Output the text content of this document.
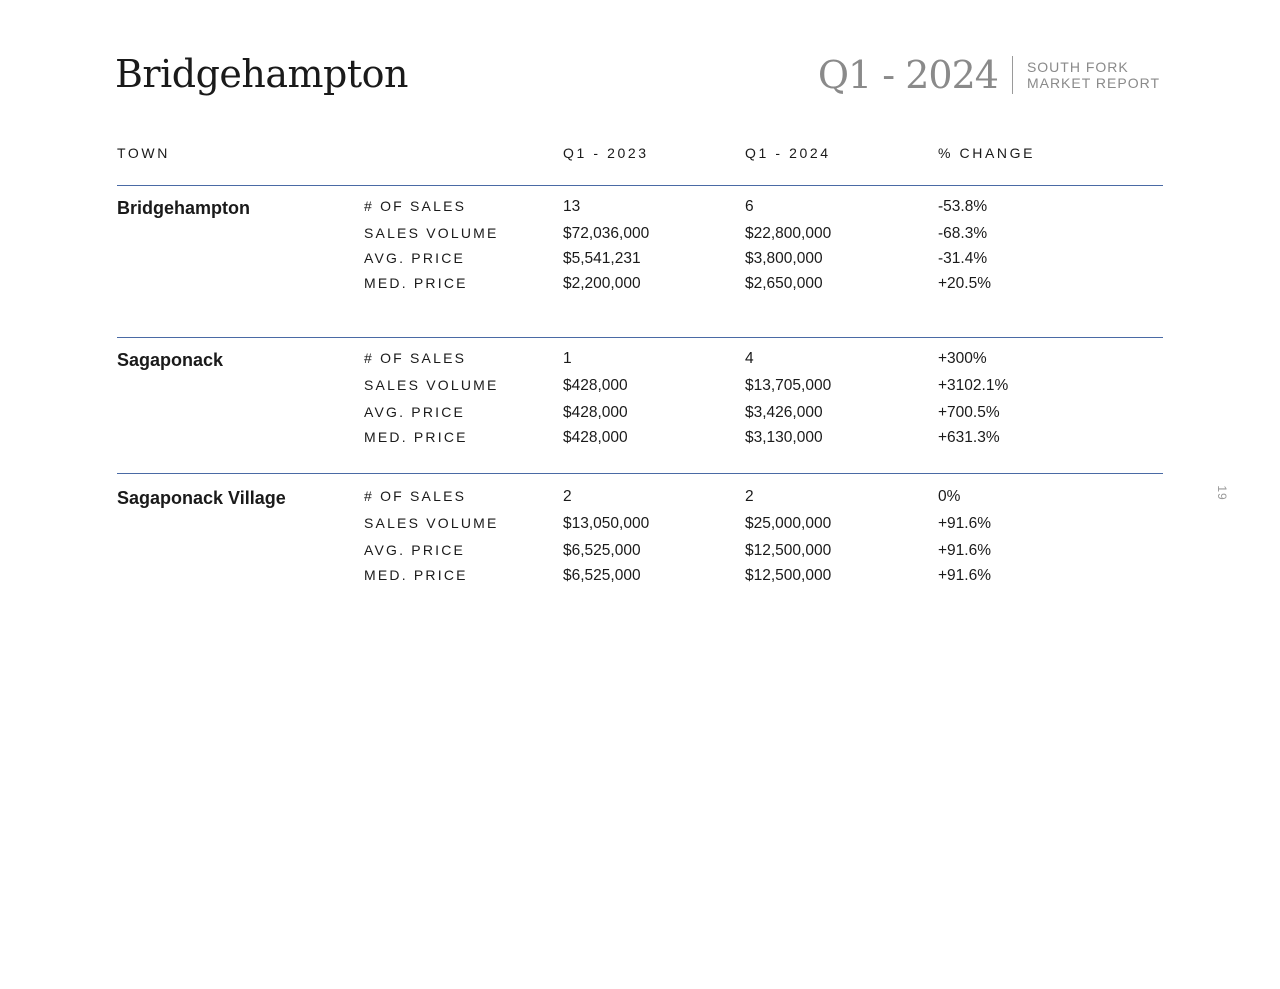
Bridgehampton	Q1 - 2024 SOUTH FORK
MARKET REPORT
TOWN	Q1 - 2023	Q1 - 2024	% CHANGE
Bridgehampton	# OF SALES	13	6	-53.8%
SALES VOLUME	$72,036,000	$22,800,000	-68.3%
AVG. PRICE	$5,541,231	$3,800,000	-31.4%
MED. PRICE	$2,200,000	$2,650,000	+20.5%
Sagaponack	# OF SALES	1	4	+300%
SALES VOLUME	$428,000	$13,705,000	+3102.1%
AVG. PRICE	$428,000	$3,426,000	+700.5%
MED. PRICE	$428,000	$3,130,000	+631.3%
Sagaponack Village	# OF SALES	2	2	0%
SALES VOLUME	$13,050,000	$25,000,000	+91.6%
AVG. PRICE	$6,525,000	$12,500,000	+91.6%
MED. PRICE	$6,525,000	$12,500,000	+91.6%
19
